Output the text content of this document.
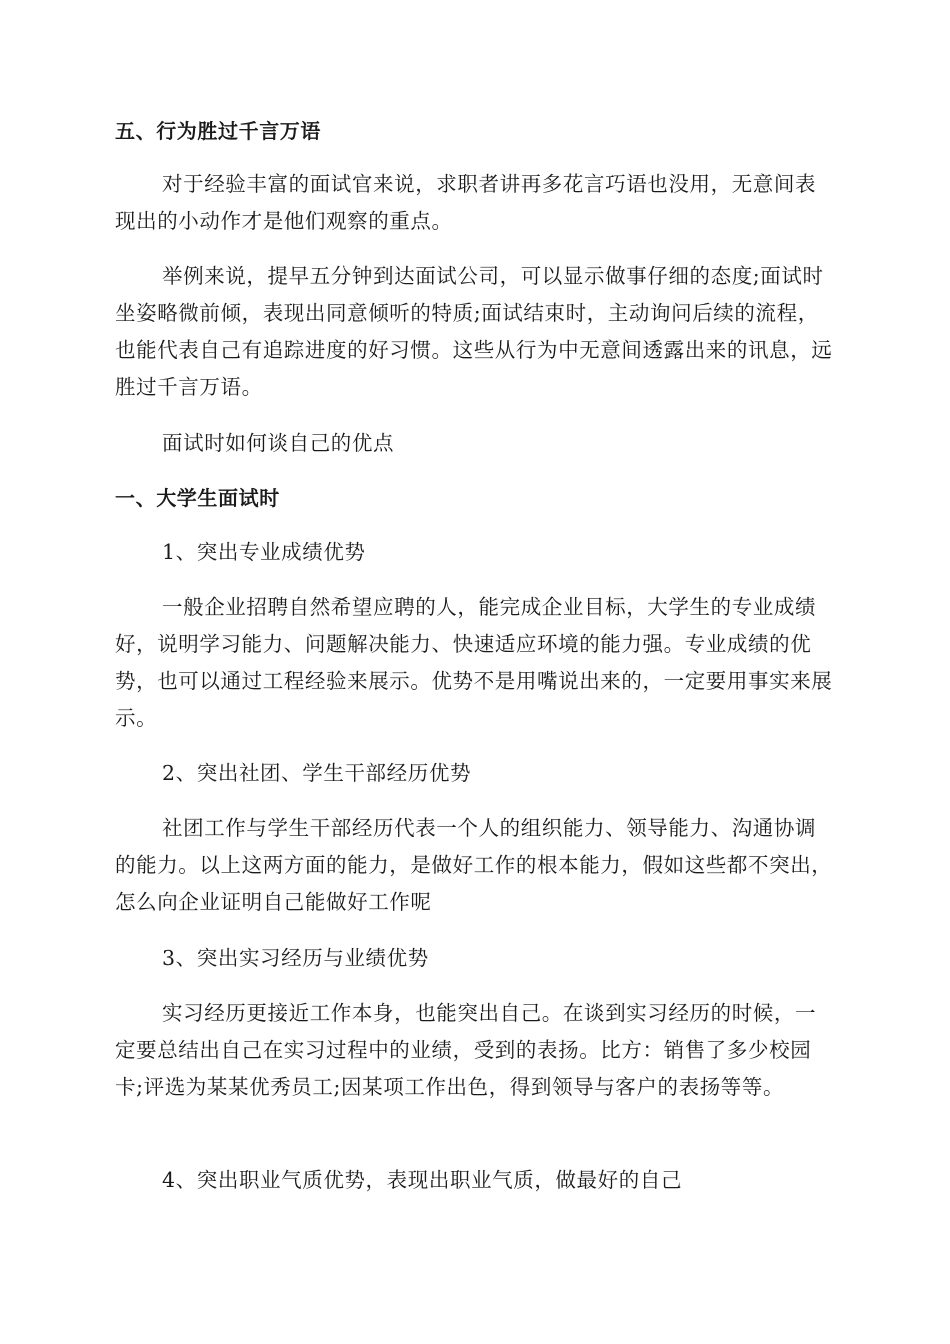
五、行为胜过千言万语

对于经验丰富的面试官来说，求职者讲再多花言巧语也没用，无意间表现出的小动作才是他们观察的重点。

举例来说，提早五分钟到达面试公司，可以显示做事仔细的态度;面试时坐姿略微前倾，表现出同意倾听的特质;面试结束时，主动询问后续的流程，也能代表自己有追踪进度的好习惯。这些从行为中无意间透露出来的讯息，远胜过千言万语。

面试时如何谈自己的优点

一、大学生面试时

1、突出专业成绩优势

一般企业招聘自然希望应聘的人，能完成企业目标，大学生的专业成绩好，说明学习能力、问题解决能力、快速适应环境的能力强。专业成绩的优势，也可以通过工程经验来展示。优势不是用嘴说出来的，一定要用事实来展示。

2、突出社团、学生干部经历优势

社团工作与学生干部经历代表一个人的组织能力、领导能力、沟通协调的能力。以上这两方面的能力，是做好工作的根本能力，假如这些都不突出，怎么向企业证明自己能做好工作呢

3、突出实习经历与业绩优势

实习经历更接近工作本身，也能突出自己。在谈到实习经历的时候，一定要总结出自己在实习过程中的业绩，受到的表扬。比方：销售了多少校园卡;评选为某某优秀员工;因某项工作出色，得到领导与客户的表扬等等。

4、突出职业气质优势，表现出职业气质，做最好的自己
